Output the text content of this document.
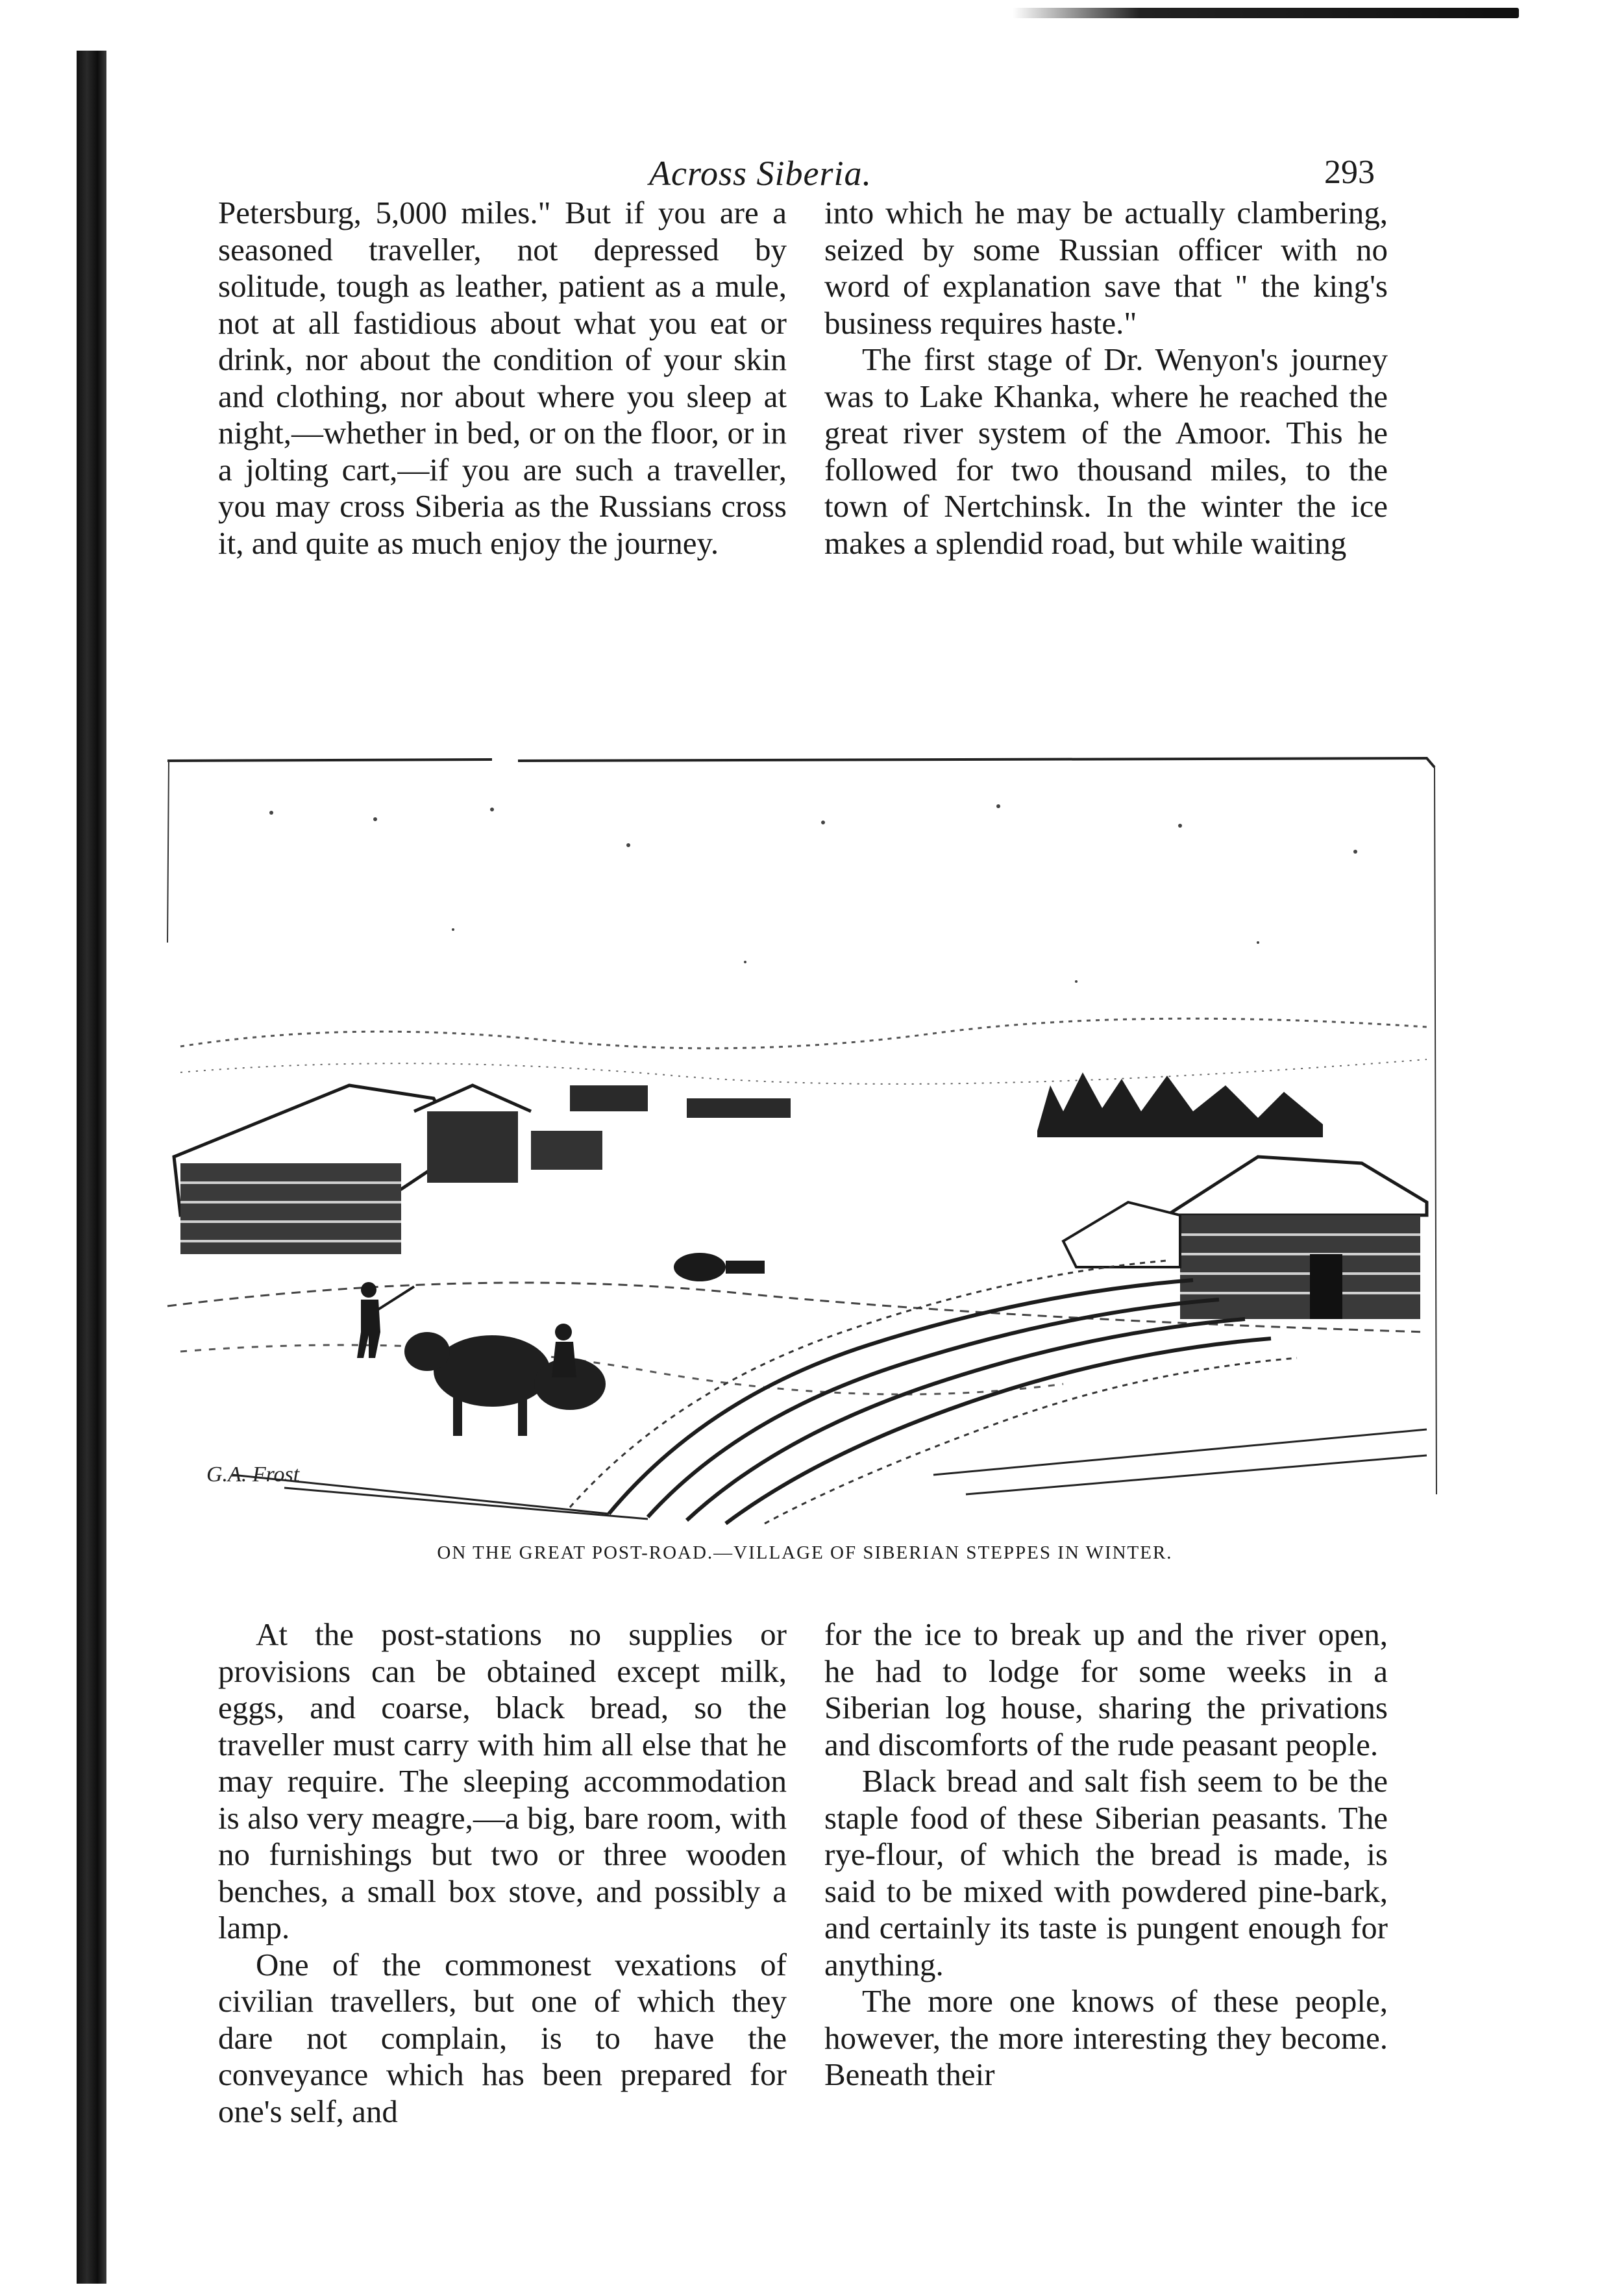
Across Siberia.	293

Petersburg, 5,000 miles." But if you are a seasoned traveller, not depressed by solitude, tough as leather, patient as a mule, not at all fastidious about what you eat or drink, nor about the condition of your skin and clothing, nor about where you sleep at night,—whether in bed, or on the floor, or in a jolting cart,—if you are such a traveller, you may cross Siberia as the Russians cross it, and quite as much enjoy the journey.

into which he may be actually clambering, seized by some Russian officer with no word of explanation save that " the king's business requires haste."

The first stage of Dr. Wenyon's journey was to Lake Khanka, where he reached the great river system of the Amoor. This he followed for two thousand miles, to the town of Nertchinsk. In the winter the ice makes a splendid road, but while waiting

G.A. Frost
ON THE GREAT POST-ROAD.—VILLAGE OF SIBERIAN STEPPES IN WINTER.

At the post-stations no supplies or provisions can be obtained except milk, eggs, and coarse, black bread, so the traveller must carry with him all else that he may require. The sleeping accommodation is also very meagre,—a big, bare room, with no furnishings but two or three wooden benches, a small box stove, and possibly a lamp.

One of the commonest vexations of civilian travellers, but one of which they dare not complain, is to have the conveyance which has been prepared for one's self, and

for the ice to break up and the river open, he had to lodge for some weeks in a Siberian log house, sharing the privations and discomforts of the rude peasant people.

Black bread and salt fish seem to be the staple food of these Siberian peasants. The rye-flour, of which the bread is made, is said to be mixed with powdered pine-bark, and certainly its taste is pungent enough for anything.

The more one knows of these people, however, the more interesting they become. Beneath their
